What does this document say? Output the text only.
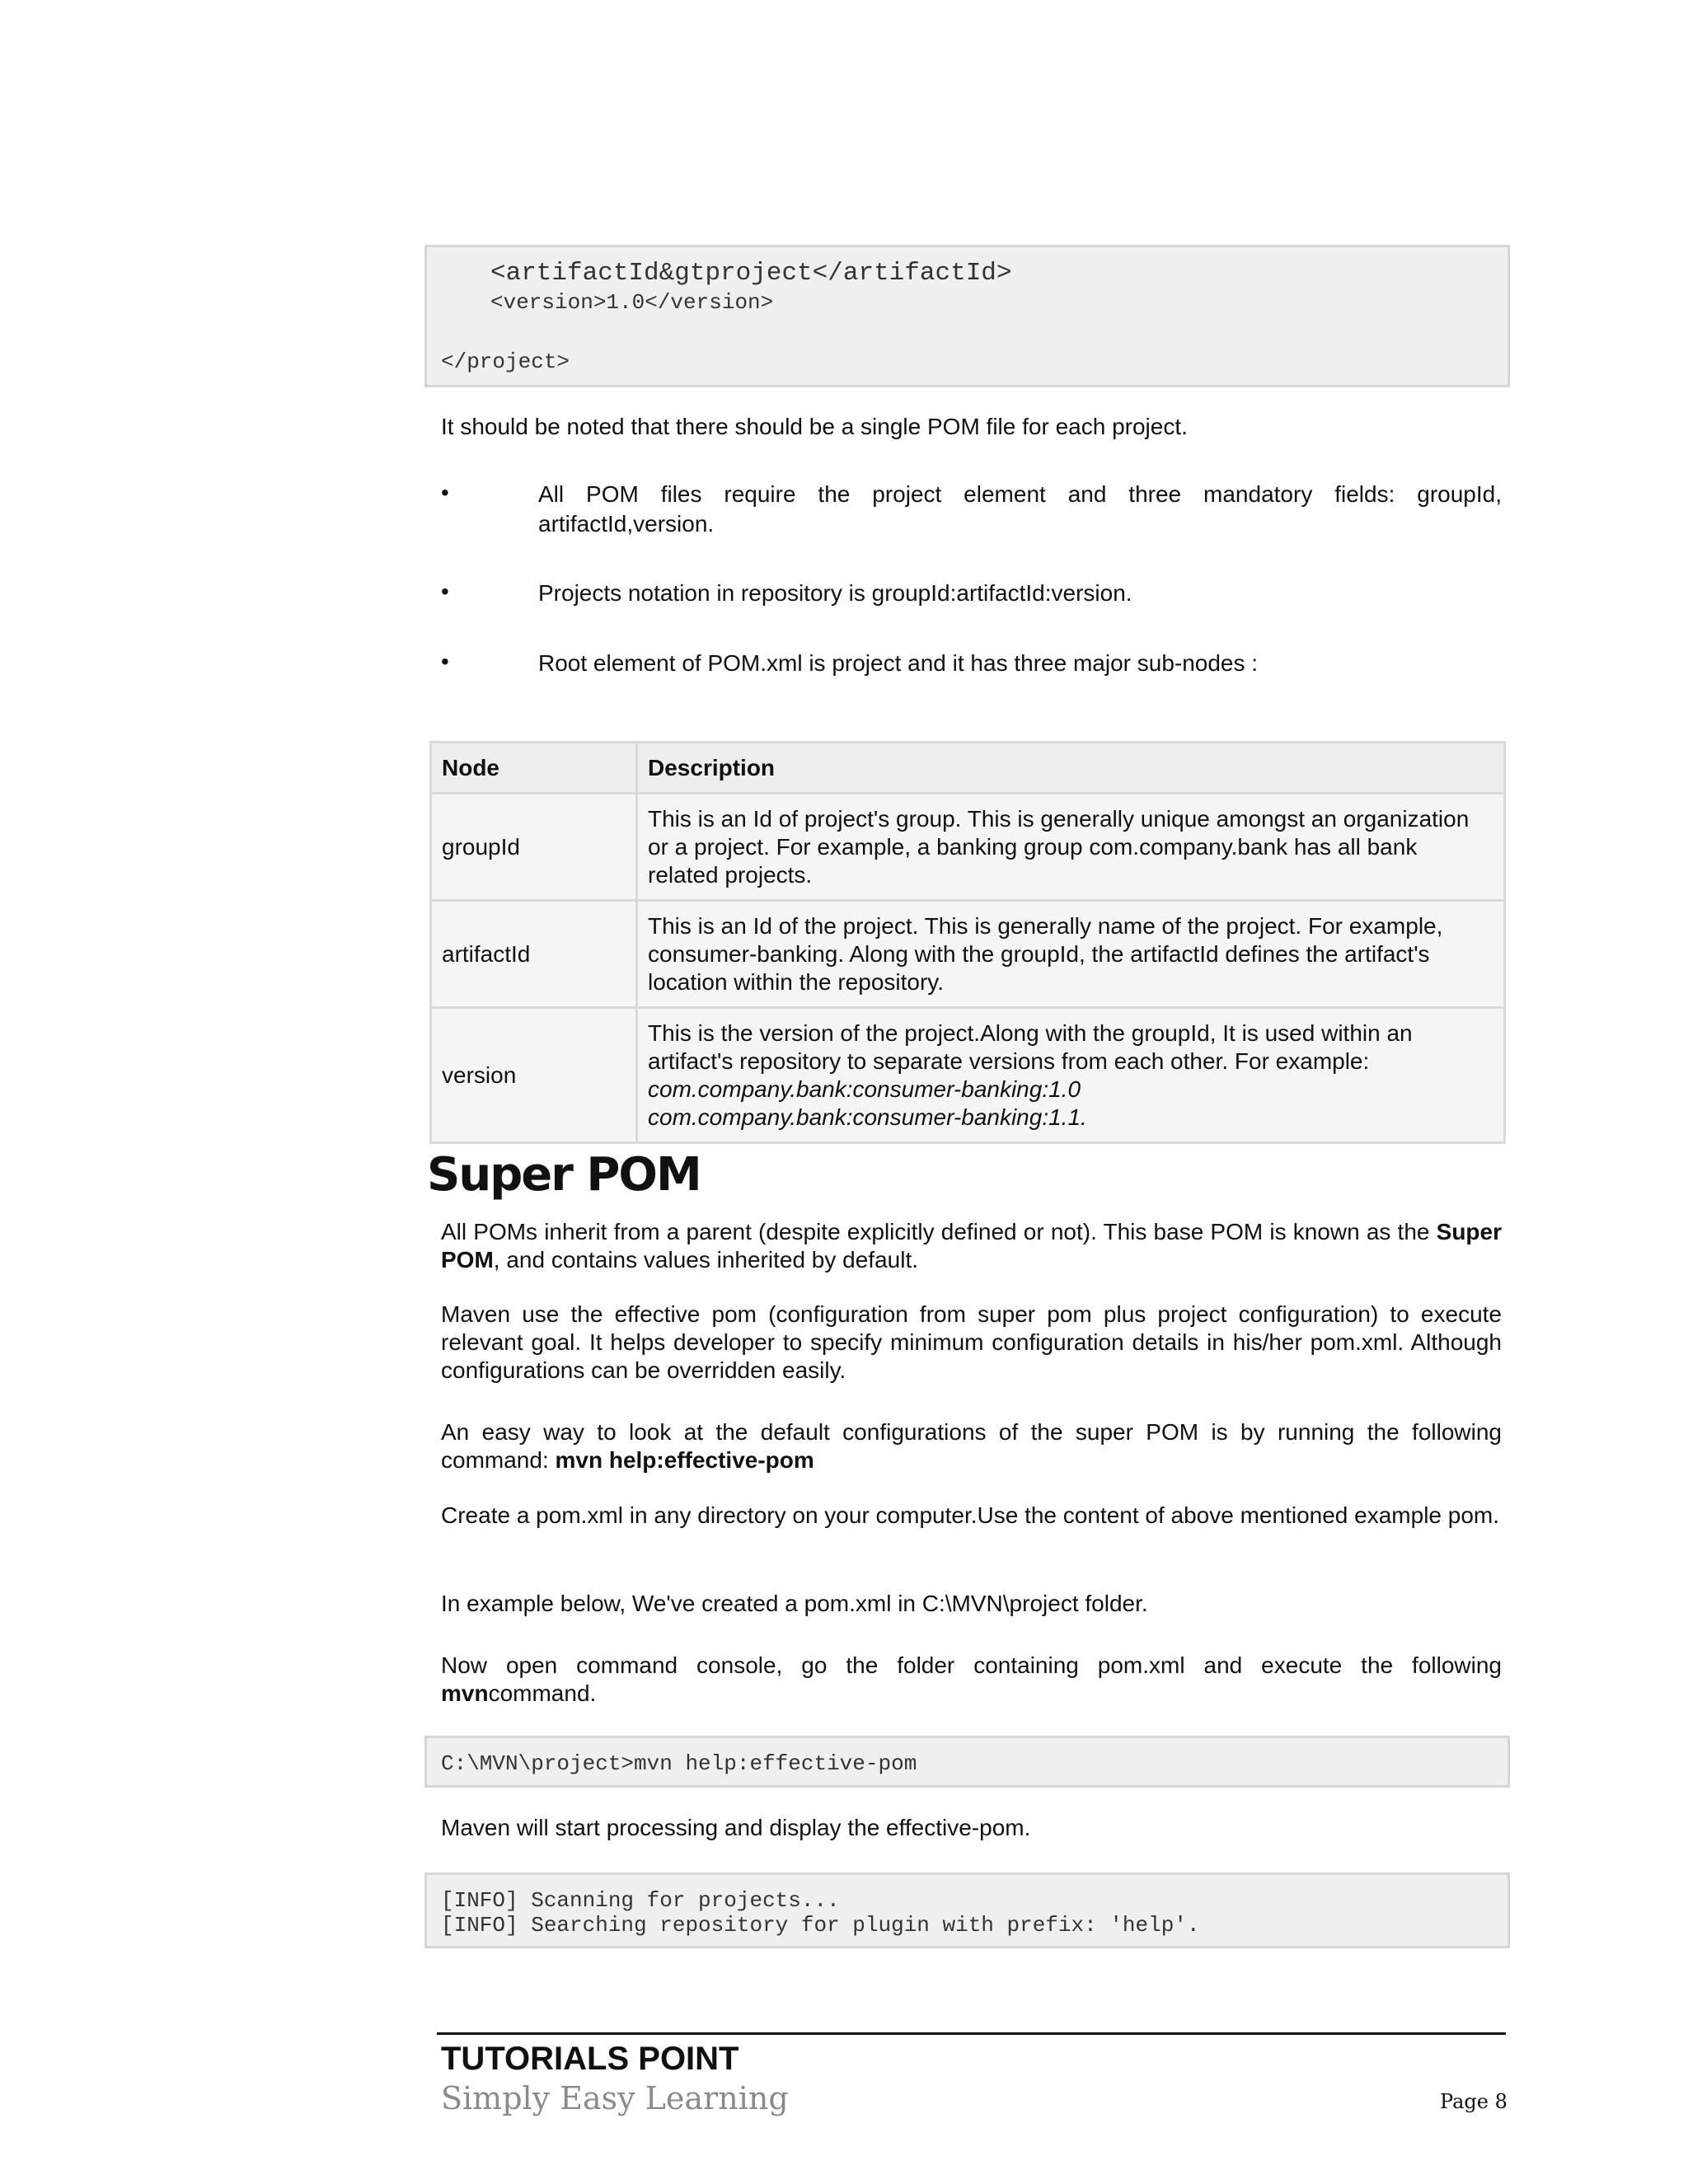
<artifactId&gtproject</artifactId>
<version>1.0</version>
</project>

It should be noted that there should be a single POM file for each project.

•	All POM files require the project element and three mandatory fields: groupId, artifactId,version.

•	Projects notation in repository is groupId:artifactId:version.

•	Root element of POM.xml is project and it has three major sub-nodes :

Node	Description
groupId	This is an Id of project's group. This is generally unique amongst an organization or a project. For example, a banking group com.company.bank has all bank related projects.
artifactId	This is an Id of the project. This is generally name of the project. For example, consumer-banking. Along with the groupId, the artifactId defines the artifact's location within the repository.
version	This is the version of the project.Along with the groupId, It is used within an artifact's repository to separate versions from each other. For example:
com.company.bank:consumer-banking:1.0
com.company.bank:consumer-banking:1.1.
Super POM

All POMs inherit from a parent (despite explicitly defined or not). This base POM is known as the Super POM, and contains values inherited by default.

Maven use the effective pom (configuration from super pom plus project configuration) to execute relevant goal. It helps developer to specify minimum configuration details in his/her pom.xml. Although configurations can be overridden easily.

An easy way to look at the default configurations of the super POM is by running the following command: mvn help:effective-pom

Create a pom.xml in any directory on your computer.Use the content of above mentioned example pom.

In example below, We've created a pom.xml in C:\MVN\project folder.

Now open command console, go the folder containing pom.xml and execute the following mvncommand.

C:\MVN\project>mvn help:effective-pom

Maven will start processing and display the effective-pom.

[INFO] Scanning for projects...
[INFO] Searching repository for plugin with prefix: 'help'.
TUTORIALS POINT
Simply Easy Learning	Page 8
